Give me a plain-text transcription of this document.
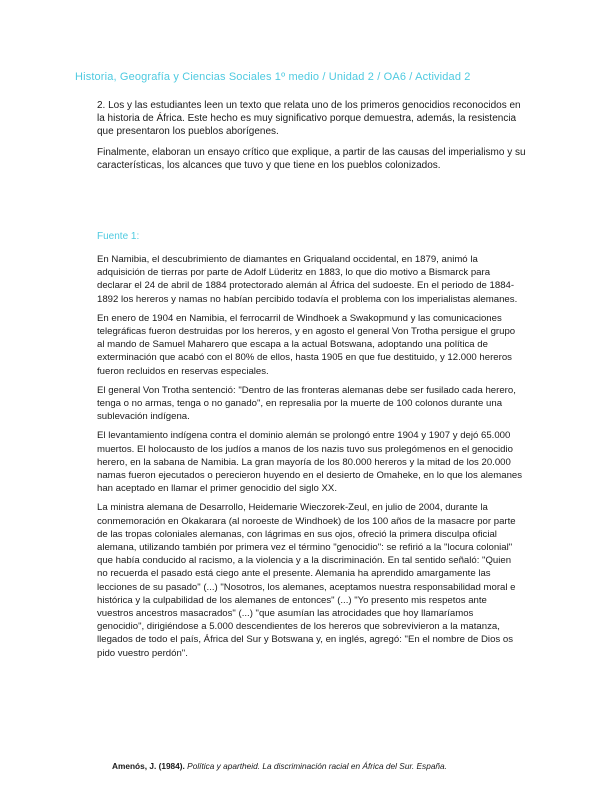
Historia, Geografía y Ciencias Sociales 1º medio / Unidad 2 / OA6 / Actividad 2

2. Los y las estudiantes leen un texto que relata uno de los primeros genocidios reconocidos en la historia de África. Este hecho es muy significativo porque demuestra, además, la resistencia que presentaron los pueblos aborígenes.

Finalmente, elaboran un ensayo crítico que explique, a partir de las causas del imperialismo y su características, los alcances que tuvo y que tiene en los pueblos colonizados.

Fuente 1:

En Namibia, el descubrimiento de diamantes en Griqualand occidental, en 1879, animó la adquisición de tierras por parte de Adolf Lüderitz en 1883, lo que dio motivo a Bismarck para declarar el 24 de abril de 1884 protectorado alemán al África del sudoeste. En el periodo de 1884-1892 los hereros y namas no habían percibido todavía el problema con los imperialistas alemanes.

En enero de 1904 en Namibia, el ferrocarril de Windhoek a Swakopmund y las comunicaciones telegráficas fueron destruidas por los hereros, y en agosto el general Von Trotha persigue el grupo al mando de Samuel Maharero que escapa a la actual Botswana, adoptando una política de exterminación que acabó con el 80% de ellos, hasta 1905 en que fue destituido, y 12.000 hereros fueron recluidos en reservas especiales.

El general Von Trotha sentenció: "Dentro de las fronteras alemanas debe ser fusilado cada herero, tenga o no armas, tenga o no ganado", en represalia por la muerte de 100 colonos durante una sublevación indígena.

El levantamiento indígena contra el dominio alemán se prolongó entre 1904 y 1907 y dejó 65.000 muertos. El holocausto de los judíos a manos de los nazis tuvo sus prolegómenos en el genocidio herero, en la sabana de Namibia. La gran mayoría de los 80.000 hereros y la mitad de los 20.000 namas fueron ejecutados o perecieron huyendo en el desierto de Omaheke, en lo que los alemanes han aceptado en llamar el primer genocidio del siglo XX.

La ministra alemana de Desarrollo, Heidemarie Wieczorek-Zeul, en julio de 2004, durante la conmemoración en Okakarara (al noroeste de Windhoek) de los 100 años de la masacre por parte de las tropas coloniales alemanas, con lágrimas en sus ojos, ofreció la primera disculpa oficial alemana, utilizando también por primera vez el término "genocidio": se refirió a la "locura colonial" que había conducido al racismo, a la violencia y a la discriminación. En tal sentido señaló: "Quien no recuerda el pasado está ciego ante el presente. Alemania ha aprendido amargamente las lecciones de su pasado" (...) "Nosotros, los alemanes, aceptamos nuestra responsabilidad moral e histórica y la culpabilidad de los alemanes de entonces" (...) "Yo presento mis respetos ante vuestros ancestros masacrados" (...) "que asumían las atrocidades que hoy llamaríamos genocidio", dirigiéndose a 5.000 descendientes de los hereros que sobrevivieron a la matanza, llegados de todo el país, África del Sur y Botswana y, en inglés, agregó: "En el nombre de Dios os pido vuestro perdón".

Amenós, J. (1984). Política y apartheid. La discriminación racial en África del Sur. España.
